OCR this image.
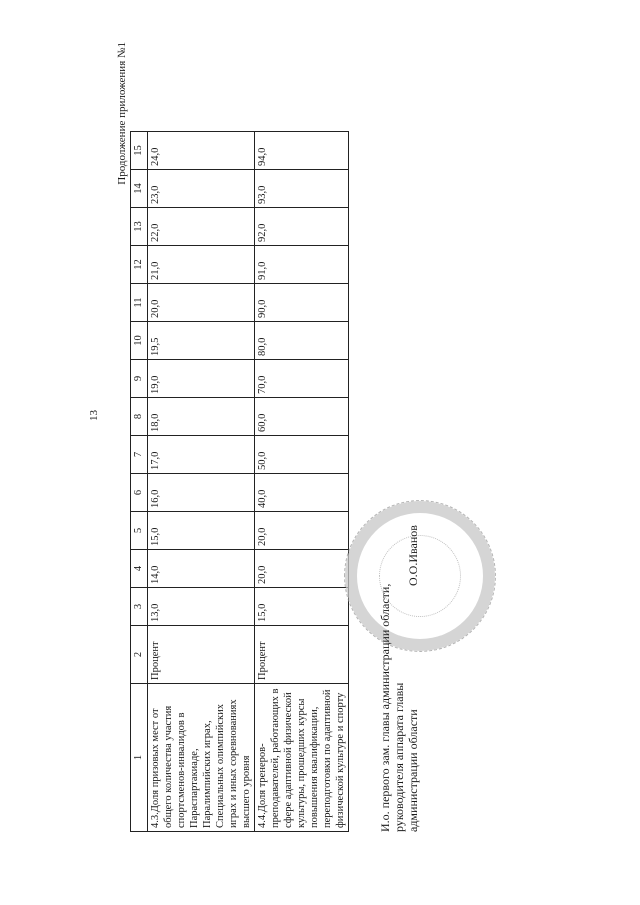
13
Продолжение приложения №1
1	2	3	4	5	6	7	8	9	10	11	12	13	14	15
4.3.Доля призовых мест от общего количества участия спортсменов-инвалидов в Параспартакиаде, Паралимпийских играх, Специальных олимпийских играх и иных соревнованиях высшего уровня	Процент	13,0	14,0	15,0	16,0	17,0	18,0	19,0	19,5	20,0	21,0	22,0	23,0	24,0
4.4.Доля тренеров-преподавателей, работающих в сфере адаптивной физической культуры, прошедших курсы повышения квалификации, переподготовки по адаптивной физической культуре и спорту	Процент	15,0	20,0	20,0	40,0	50,0	60,0	70,0	80,0	90,0	91,0	92,0	93,0	94,0
И.о. первого зам. главы администрации области, руководителя аппарата главы администрации области
О.О.Иванов
